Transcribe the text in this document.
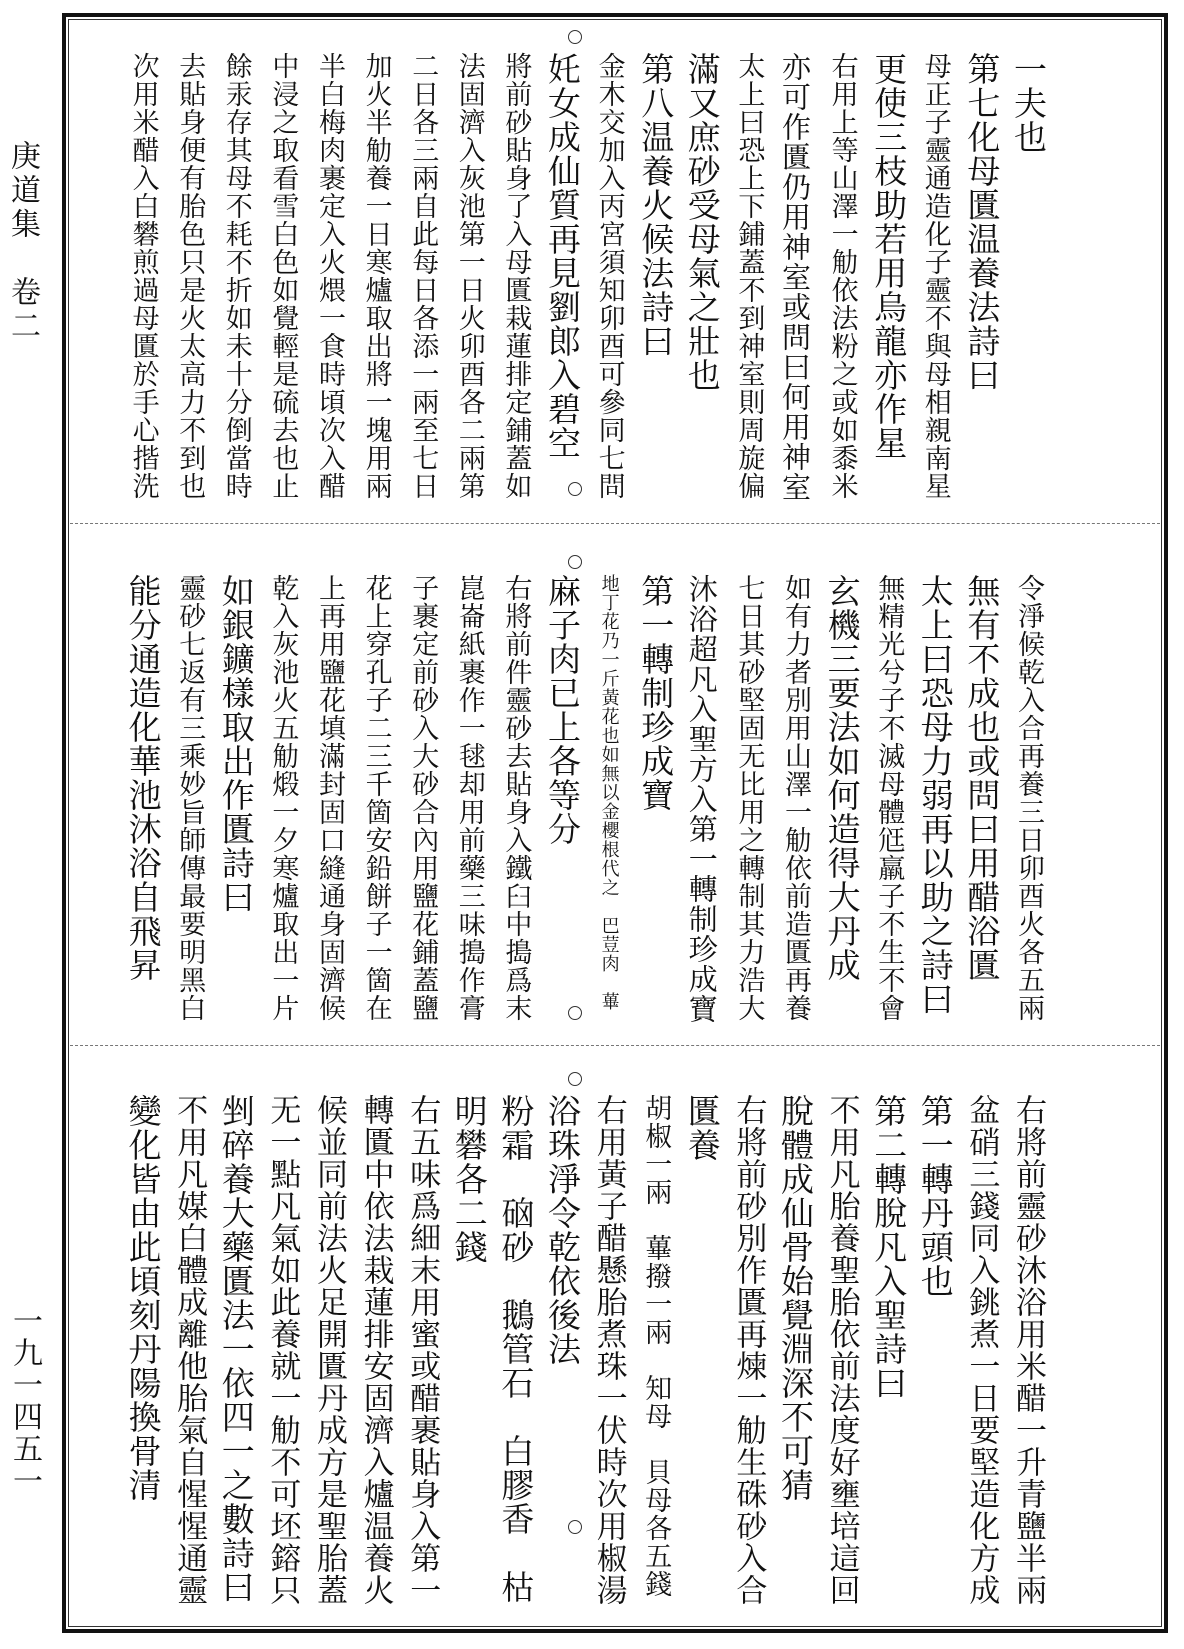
庚道集　卷二
一九一四五一
一夫也
第七化母匱温養法詩曰
母正子靈通造化子靈不與母相親南星
更使三枝助若用烏龍亦作星
右用上等山澤一觔依法粉之或如黍米
亦可作匱仍用神室或問曰何用神室
太上曰恐上下鋪蓋不到神室則周旋偏
滿又庶砂受母氣之壯也
第八温養火候法詩曰
金木交加入丙宮須知卯酉可參同七問
奼女成仙質再見劉郎入碧空
將前砂貼身了入母匱栽蓮排定鋪蓋如
法固濟入灰池第一日火卯酉各二兩第
二日各三兩自此每日各添一兩至七日
加火半觔養一日寒爐取出將一塊用兩
半白梅肉裹定入火煨一食時頃次入醋
中浸之取看雪白色如覺輕是硫去也止
餘汞存其母不耗不折如未十分倒當時
去貼身便有胎色只是火太高力不到也
次用米醋入白礬煎過母匱於手心揩洗
令淨候乾入合再養三日卯酉火各五兩
無有不成也或問曰用醋浴匱
太上曰恐母力弱再以助之詩曰
無精光兮子不滅母體尩羸子不生不會
玄機三要法如何造得大丹成
如有力者別用山澤一觔依前造匱再養
七日其砂堅固无比用之轉制其力浩大
沐浴超凡入聖方入第一轉制珍成寶
第一轉制珍成寶
地丁花乃一斤黃花也如無以金櫻根代之　巴荳肉　蓽
麻子肉已上各等分
右將前件靈砂去貼身入鐵臼中搗爲末
崑崙紙裹作一毬却用前藥三味搗作膏
子裹定前砂入大砂合內用鹽花鋪蓋鹽
花上穿孔子二三千箇安鉛餅子一箇在
上再用鹽花填滿封固口縫通身固濟候
乾入灰池火五觔煅一夕寒爐取出一片
如銀鑛樣取出作匱詩曰
靈砂七返有三乘妙旨師傳最要明黑白
能分通造化華池沐浴自飛昇
右將前靈砂沐浴用米醋一升青鹽半兩
盆硝三錢同入銚煮一日要堅造化方成
第一轉丹頭也
第二轉脫凡入聖詩曰
不用凡胎養聖胎依前法度好壅培這回
脫體成仙骨始覺淵深不可猜
右將前砂別作匱再煉一觔生硃砂入合
匱養
胡椒一兩　蓽撥一兩　知母　貝母各五錢
右用黃子醋懸胎煮珠一伏時次用椒湯
浴珠淨令乾依後法
粉霜　硇砂　鵝管石　白膠香　枯
明礬各二錢
右五味爲細末用蜜或醋裹貼身入第一
轉匱中依法栽蓮排安固濟入爐温養火
候並同前法火足開匱丹成方是聖胎蓋
无一點凡氣如此養就一觔不可坯鎔只
剉碎養大藥匱法一依四一之數詩曰
不用凡媒白體成離他胎氣自惺惺通靈
變化皆由此頃刻丹陽換骨清
